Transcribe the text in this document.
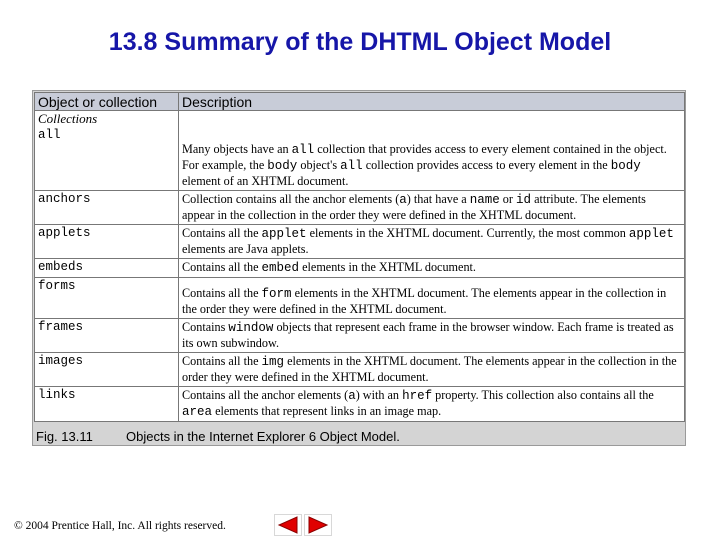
13.8 Summary of the DHTML Object Model
Object or collection	Description
Collections	
all	Many objects have an all collection that provides access to every element contained in the object. For example, the body object's all collection provides access to every element in the body element of an XHTML document.
anchors	Collection contains all the anchor elements (a) that have a name or id attribute. The elements appear in the collection in the order they were defined in the XHTML document.
applets	Contains all the applet elements in the XHTML document. Currently, the most common applet elements are Java applets.
embeds	Contains all the embed elements in the XHTML document.
forms	Contains all the form elements in the XHTML document. The elements appear in the collection in the order they were defined in the XHTML document.
frames	Contains window objects that represent each frame in the browser window. Each frame is treated as its own subwindow.
images	Contains all the img elements in the XHTML document. The elements appear in the collection in the order they were defined in the XHTML document.
links	Contains all the anchor elements (a) with an href property. This collection also contains all the area elements that represent links in an image map.
Fig. 13.11	Objects in the Internet Explorer 6 Object Model.
© 2004 Prentice Hall, Inc. All rights reserved.
